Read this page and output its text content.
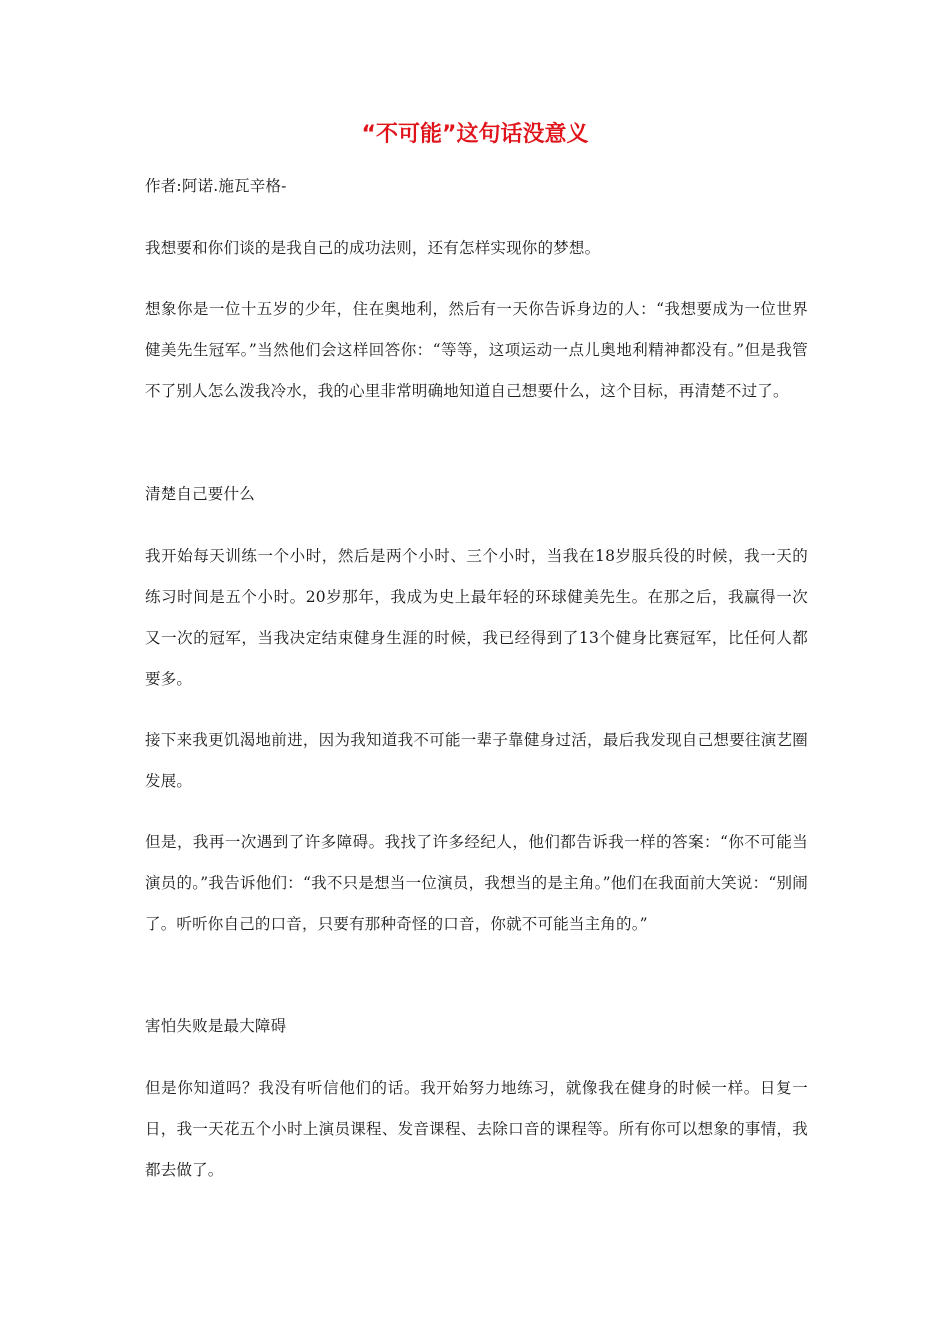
“不可能”这句话没意义

作者:阿诺.施瓦辛格-

我想要和你们谈的是我自己的成功法则，还有怎样实现你的梦想。

想象你是一位十五岁的少年，住在奥地利，然后有一天你告诉身边的人：“我想要成为一位世界健美先生冠军。”当然他们会这样回答你：“等等，这项运动一点儿奥地利精神都没有。”但是我管不了别人怎么泼我冷水，我的心里非常明确地知道自己想要什么，这个目标，再清楚不过了。

清楚自己要什么

我开始每天训练一个小时，然后是两个小时、三个小时，当我在18岁服兵役的时候，我一天的练习时间是五个小时。20岁那年，我成为史上最年轻的环球健美先生。在那之后，我赢得一次又一次的冠军，当我决定结束健身生涯的时候，我已经得到了13个健身比赛冠军，比任何人都要多。

接下来我更饥渴地前进，因为我知道我不可能一辈子靠健身过活，最后我发现自己想要往演艺圈发展。

但是，我再一次遇到了许多障碍。我找了许多经纪人，他们都告诉我一样的答案：“你不可能当演员的。”我告诉他们：“我不只是想当一位演员，我想当的是主角。”他们在我面前大笑说：“别闹了。听听你自己的口音，只要有那种奇怪的口音，你就不可能当主角的。”

害怕失败是最大障碍

但是你知道吗？我没有听信他们的话。我开始努力地练习，就像我在健身的时候一样。日复一日，我一天花五个小时上演员课程、发音课程、去除口音的课程等。所有你可以想象的事情，我都去做了。
